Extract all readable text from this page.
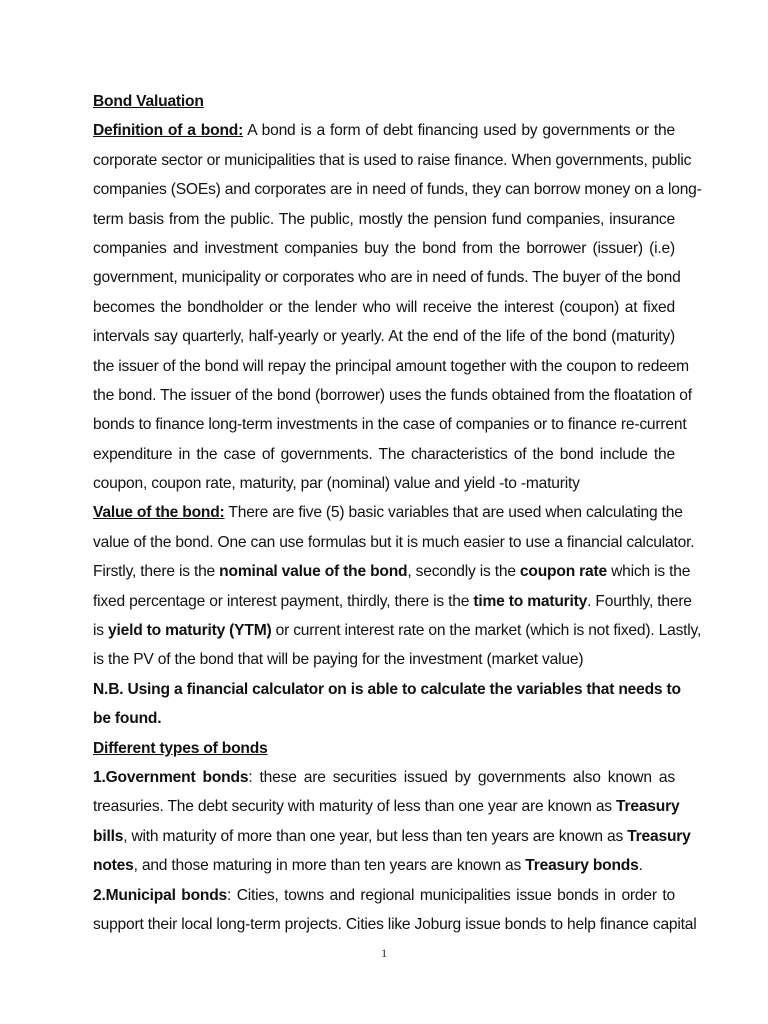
Bond Valuation
Definition of a bond: A bond is a form of debt financing used by governments or the
corporate sector or municipalities that is used to raise finance. When governments, public
companies (SOEs) and corporates are in need of funds, they can borrow money on a long-
term basis from the public. The public, mostly the pension fund companies, insurance
companies and investment companies buy the bond from the borrower (issuer) (i.e)
government, municipality or corporates who are in need of funds. The buyer of the bond
becomes the bondholder or the lender who will receive the interest (coupon) at fixed
intervals say quarterly, half-yearly or yearly. At the end of the life of the bond (maturity)
the issuer of the bond will repay the principal amount together with the coupon to redeem
the bond. The issuer of the bond (borrower) uses the funds obtained from the floatation of
bonds to finance long-term investments in the case of companies or to finance re-current
expenditure in the case of governments. The characteristics of the bond include the
coupon, coupon rate, maturity, par (nominal) value and yield -to -maturity
Value of the bond: There are five (5) basic variables that are used when calculating the
value of the bond. One can use formulas but it is much easier to use a financial calculator.
Firstly, there is the nominal value of the bond, secondly is the coupon rate which is the
fixed percentage or interest payment, thirdly, there is the time to maturity. Fourthly, there
is yield to maturity (YTM) or current interest rate on the market (which is not fixed). Lastly,
is the PV of the bond that will be paying for the investment (market value)
N.B. Using a financial calculator on is able to calculate the variables that needs to
be found.
Different types of bonds
1.Government bonds: these are securities issued by governments also known as
treasuries. The debt security with maturity of less than one year are known as Treasury
bills, with maturity of more than one year, but less than ten years are known as Treasury
notes, and those maturing in more than ten years are known as Treasury bonds.
2.Municipal bonds: Cities, towns and regional municipalities issue bonds in order to
support their local long-term projects. Cities like Joburg issue bonds to help finance capital
1
